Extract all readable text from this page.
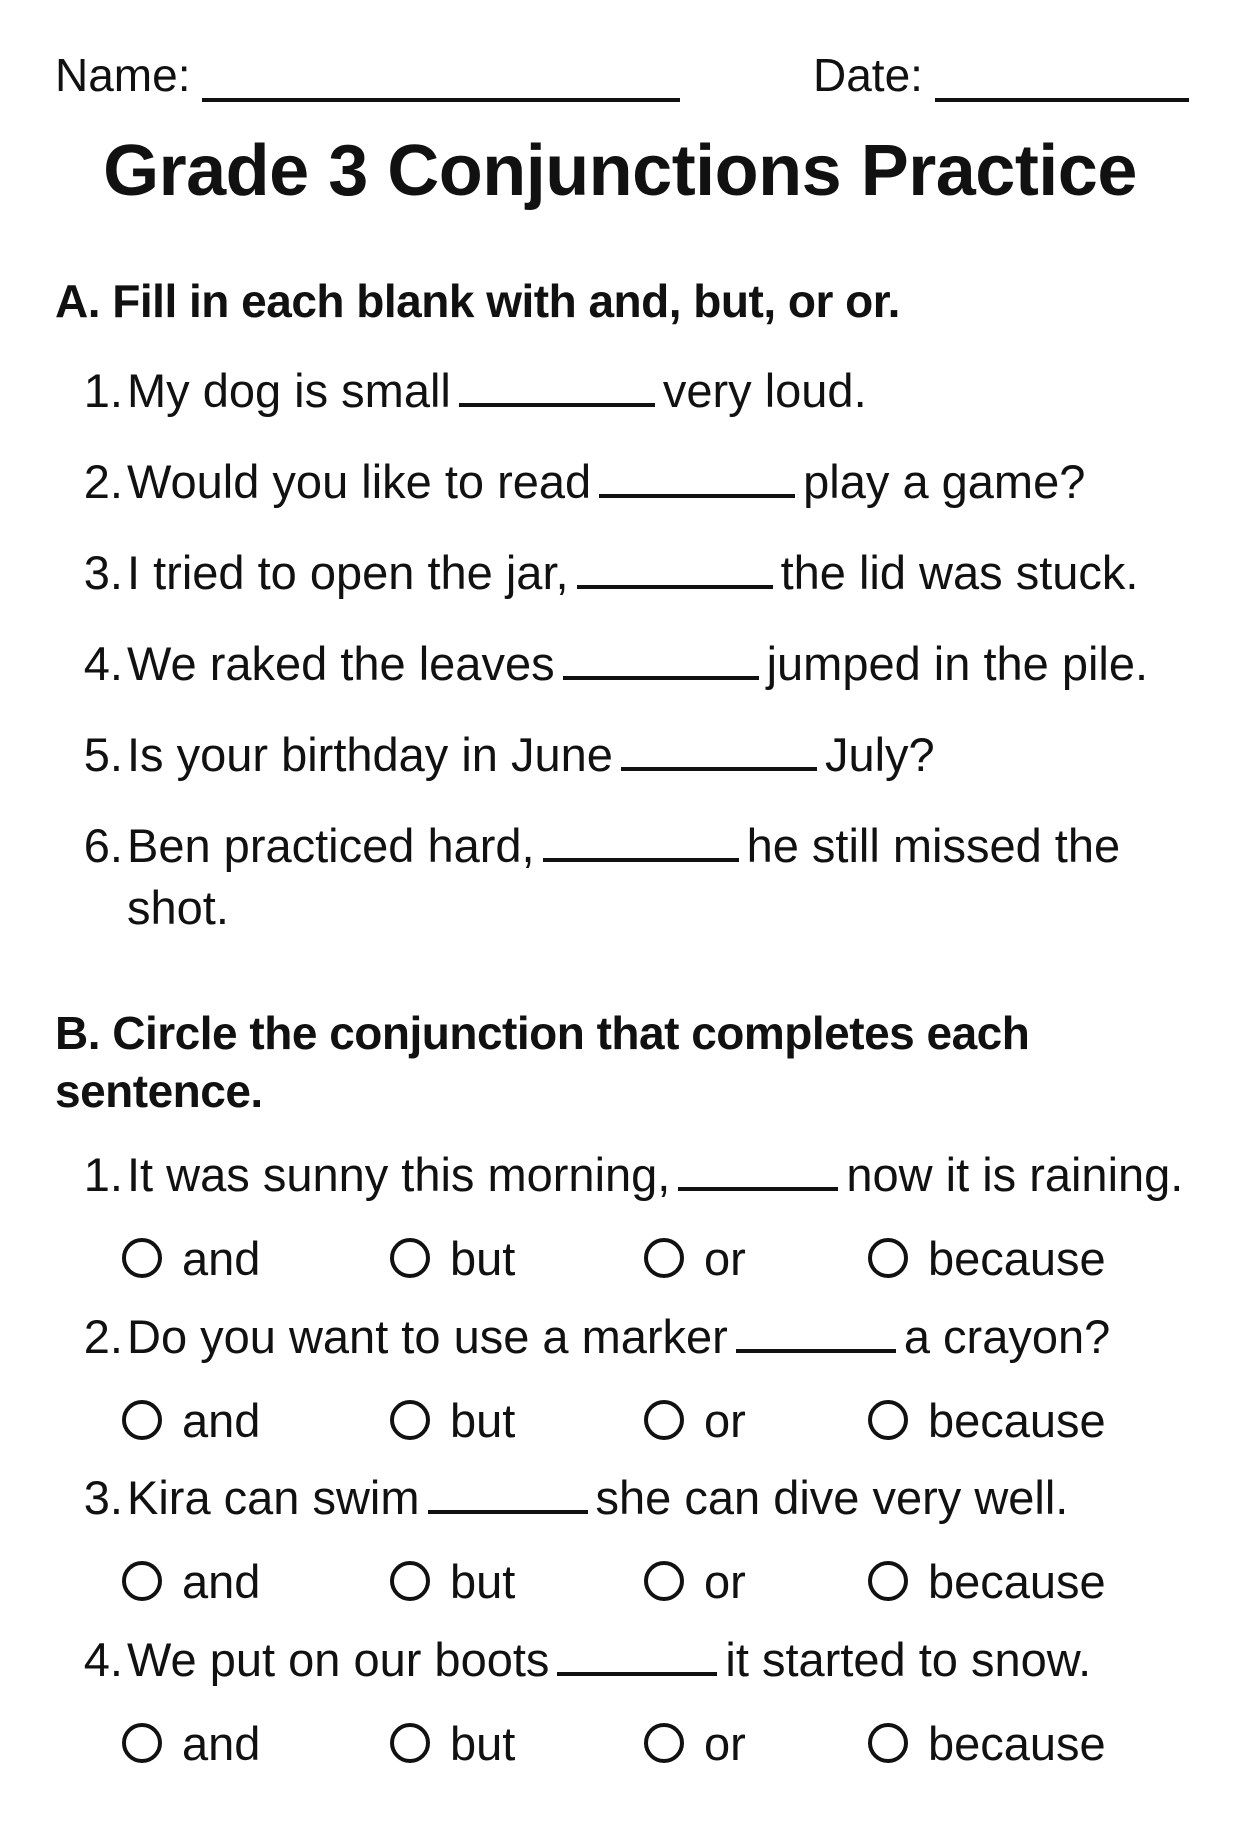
Name:	Date:
Grade 3 Conjunctions Practice
A. Fill in each blank with and, but, or or.
1.My dog is small	very loud.
2.Would you like to read	play a game?
3.I tried to open the jar,	the lid was stuck.
4.We raked the leaves	jumped in the pile.
5.Is your birthday in June	July?
6.Ben practiced hard,	he still missed the
shot.
B. Circle the conjunction that completes each
sentence.
1.It was sunny this morning,	now it is raining.
and	but	or	because
2.Do you want to use a marker	a crayon?
and	but	or	because
3.Kira can swim	she can dive very well.
and	but	or	because
4.We put on our boots	it started to snow.
and	but	or	because
